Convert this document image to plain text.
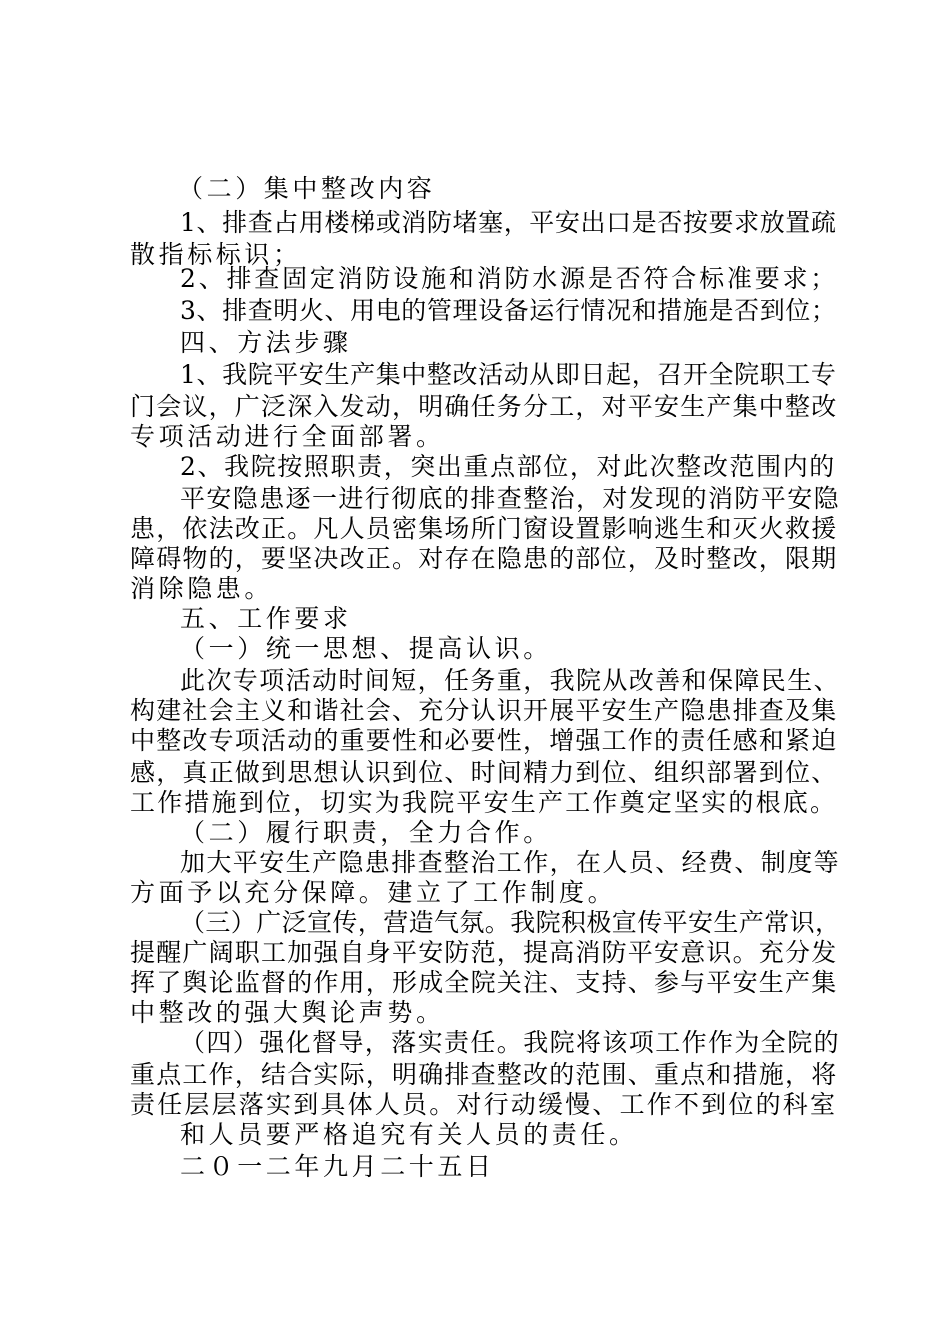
（二）集中整改内容
1、排查占用楼梯或消防堵塞，平安出口是否按要求放置疏
散指标标识；
2、排查固定消防设施和消防水源是否符合标准要求；
3、排查明火、用电的管理设备运行情况和措施是否到位；
四、方法步骤
1、我院平安生产集中整改活动从即日起，召开全院职工专
门会议，广泛深入发动，明确任务分工，对平安生产集中整改
专项活动进行全面部署。
2、我院按照职责，突出重点部位，对此次整改范围内的
平安隐患逐一进行彻底的排查整治，对发现的消防平安隐
患，依法改正。凡人员密集场所门窗设置影响逃生和灭火救援
障碍物的，要坚决改正。对存在隐患的部位，及时整改，限期
消除隐患。
五、工作要求
（一）统一思想、提高认识。
此次专项活动时间短，任务重，我院从改善和保障民生、
构建社会主义和谐社会、充分认识开展平安生产隐患排查及集
中整改专项活动的重要性和必要性，增强工作的责任感和紧迫
感，真正做到思想认识到位、时间精力到位、组织部署到位、
工作措施到位，切实为我院平安生产工作奠定坚实的根底。
（二）履行职责，全力合作。
加大平安生产隐患排查整治工作，在人员、经费、制度等
方面予以充分保障。建立了工作制度。
（三）广泛宣传，营造气氛。我院积极宣传平安生产常识，
提醒广阔职工加强自身平安防范，提高消防平安意识。充分发
挥了舆论监督的作用，形成全院关注、支持、参与平安生产集
中整改的强大舆论声势。
（四）强化督导，落实责任。我院将该项工作作为全院的
重点工作，结合实际，明确排查整改的范围、重点和措施，将
责任层层落实到具体人员。对行动缓慢、工作不到位的科室
和人员要严格追究有关人员的责任。
二０一二年九月二十五日
